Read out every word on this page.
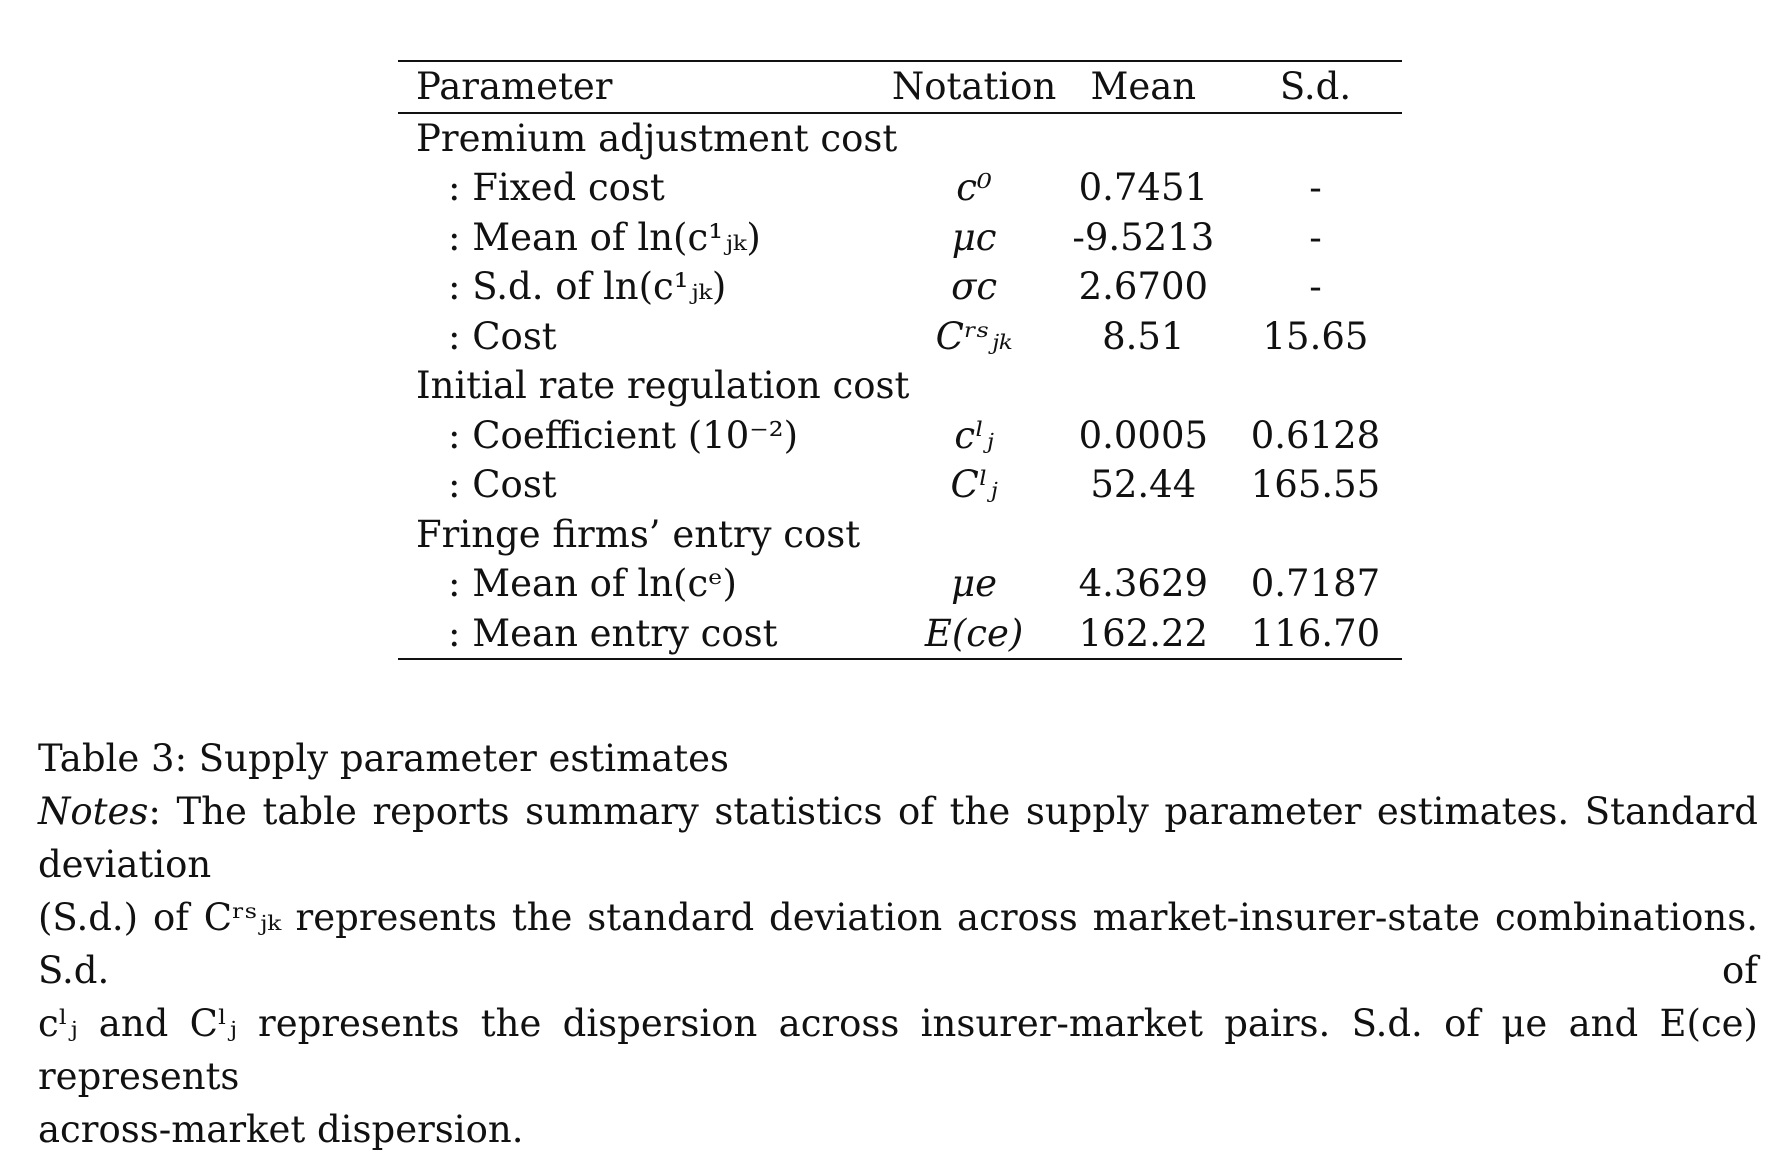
Parameter	Notation	Mean	S.d.
Premium adjustment cost			
: Fixed cost	c⁰	0.7451	-
: Mean of ln(c¹ⱼₖ)	μc	-9.5213	-
: S.d. of ln(c¹ⱼₖ)	σc	2.6700	-
: Cost	Cʳˢⱼₖ	8.51	15.65
Initial rate regulation cost			
: Coefficient (10⁻²)	cˡⱼ	0.0005	0.6128
: Cost	Cˡⱼ	52.44	165.55
Fringe firms’ entry cost			
: Mean of ln(cᵉ)	μe	4.3629	0.7187
: Mean entry cost	E(ce)	162.22	116.70
Table 3: Supply parameter estimates
Notes: The table reports summary statistics of the supply parameter estimates. Standard deviation
(S.d.) of Cʳˢⱼₖ represents the standard deviation across market-insurer-state combinations. S.d. of
cˡⱼ and Cˡⱼ represents the dispersion across insurer-market pairs. S.d. of μe and E(ce) represents
across-market dispersion.
